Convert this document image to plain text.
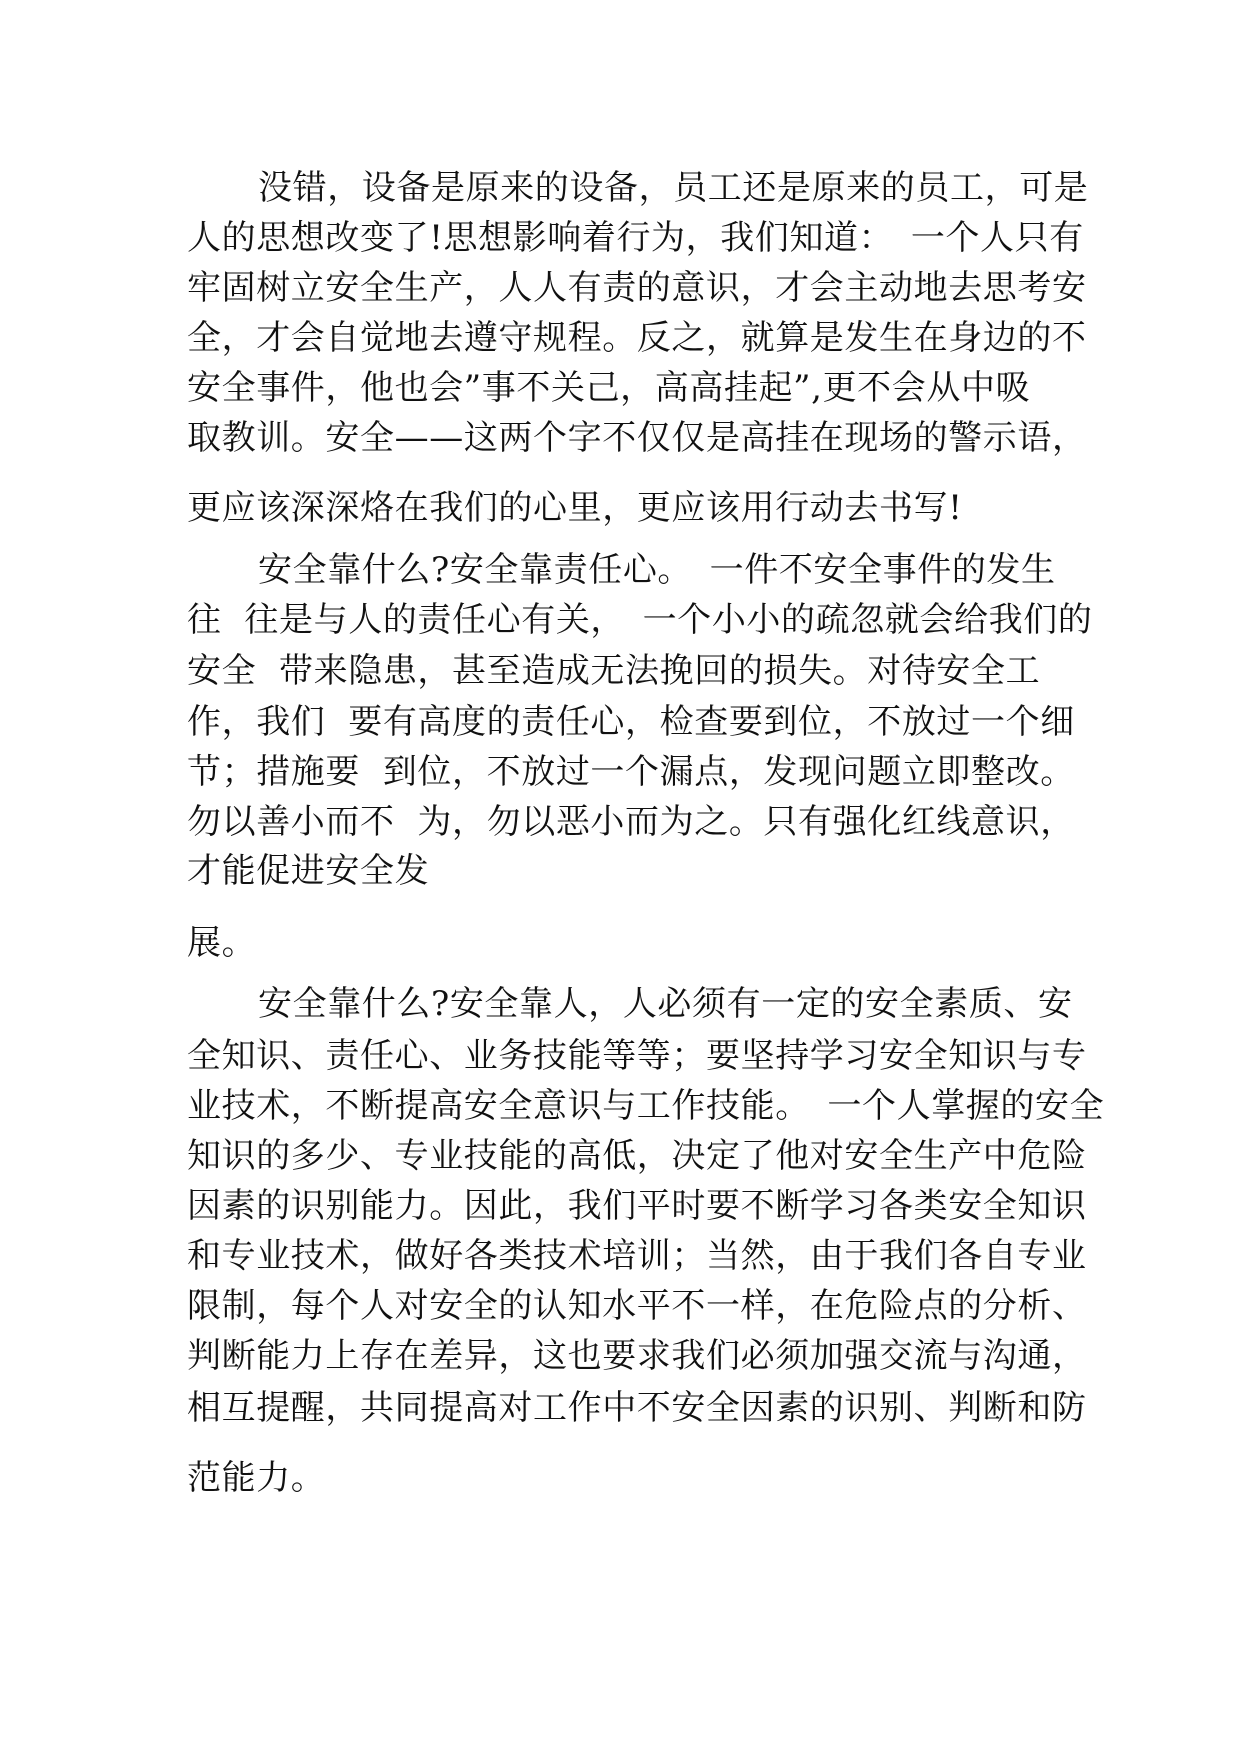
没错，设备是原来的设备，员工还是原来的员工，可是

人的思想改变了!思想影响着行为，我们知道：　一个人只有

牢固树立安全生产，人人有责的意识，才会主动地去思考安

全，才会自觉地去遵守规程。反之，就算是发生在身边的不

安全事件，他也会”事不关己，高高挂起”,更不会从中吸

取教训。安全——这两个字不仅仅是高挂在现场的警示语，

更应该深深烙在我们的心里，更应该用行动去书写!

安全靠什么?安全靠责任心。　一件不安全事件的发生

往  往是与人的责任心有关，　一个小小的疏忽就会给我们的

安全  带来隐患，甚至造成无法挽回的损失。对待安全工

作，我们  要有高度的责任心，检查要到位，不放过一个细

节；措施要  到位，不放过一个漏点，发现问题立即整改。

勿以善小而不  为，勿以恶小而为之。只有强化红线意识，

才能促进安全发

展。

安全靠什么?安全靠人，人必须有一定的安全素质、安

全知识、责任心、业务技能等等；要坚持学习安全知识与专

业技术，不断提高安全意识与工作技能。　一个人掌握的安全

知识的多少、专业技能的高低，决定了他对安全生产中危险

因素的识别能力。因此，我们平时要不断学习各类安全知识

和专业技术，做好各类技术培训；当然，由于我们各自专业

限制，每个人对安全的认知水平不一样，在危险点的分析、

判断能力上存在差异，这也要求我们必须加强交流与沟通，

相互提醒，共同提高对工作中不安全因素的识别、判断和防

范能力。
